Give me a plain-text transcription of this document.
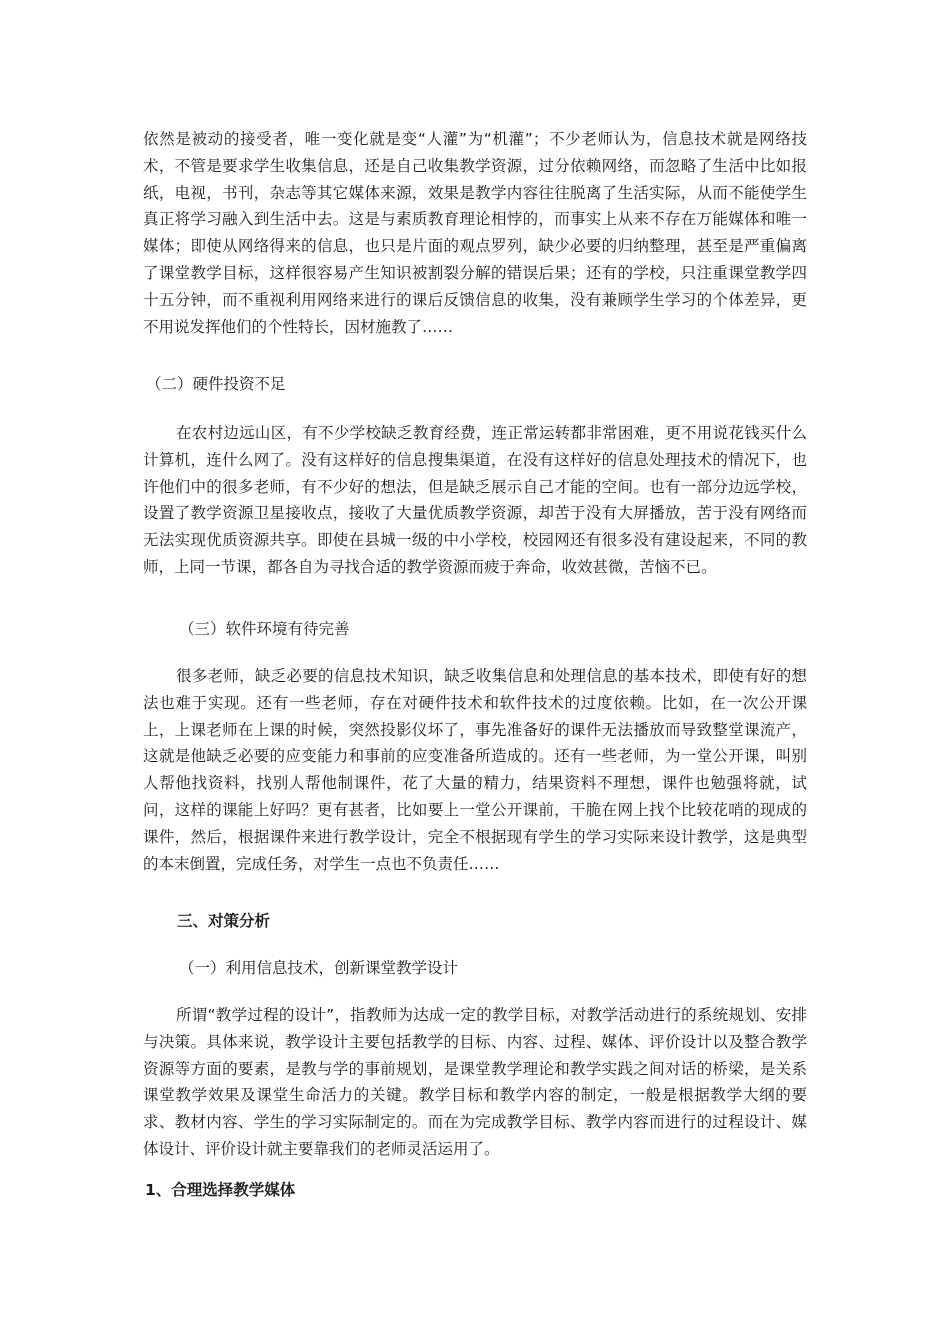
依然是被动的接受者，唯一变化就是变“人灌”为“机灌”；不少老师认为，信息技术就是网络技术，不管是要求学生收集信息，还是自己收集教学资源，过分依赖网络，而忽略了生活中比如报纸，电视，书刊，杂志等其它媒体来源，效果是教学内容往往脱离了生活实际，从而不能使学生真正将学习融入到生活中去。这是与素质教育理论相悖的，而事实上从来不存在万能媒体和唯一媒体；即使从网络得来的信息，也只是片面的观点罗列，缺少必要的归纳整理，甚至是严重偏离了课堂教学目标，这样很容易产生知识被割裂分解的错误后果；还有的学校，只注重课堂教学四十五分钟，而不重视利用网络来进行的课后反馈信息的收集，没有兼顾学生学习的个体差异，更不用说发挥他们的个性特长，因材施教了……

（二）硬件投资不足

在农村边远山区，有不少学校缺乏教育经费，连正常运转都非常困难，更不用说花钱买什么计算机，连什么网了。没有这样好的信息搜集渠道，在没有这样好的信息处理技术的情况下，也许他们中的很多老师，有不少好的想法，但是缺乏展示自己才能的空间。也有一部分边远学校，设置了教学资源卫星接收点，接收了大量优质教学资源，却苦于没有大屏播放，苦于没有网络而无法实现优质资源共享。即使在县城一级的中小学校，校园网还有很多没有建设起来，不同的教师，上同一节课，都各自为寻找合适的教学资源而疲于奔命，收效甚微，苦恼不已。

（三）软件环境有待完善

很多老师，缺乏必要的信息技术知识，缺乏收集信息和处理信息的基本技术，即使有好的想法也难于实现。还有一些老师，存在对硬件技术和软件技术的过度依赖。比如，在一次公开课上，上课老师在上课的时候，突然投影仪坏了，事先准备好的课件无法播放而导致整堂课流产，这就是他缺乏必要的应变能力和事前的应变准备所造成的。还有一些老师，为一堂公开课，叫别人帮他找资料，找别人帮他制课件，花了大量的精力，结果资料不理想，课件也勉强将就，试问，这样的课能上好吗？更有甚者，比如要上一堂公开课前，干脆在网上找个比较花哨的现成的课件，然后，根据课件来进行教学设计，完全不根据现有学生的学习实际来设计教学，这是典型的本末倒置，完成任务，对学生一点也不负责任……

三、对策分析

（一）利用信息技术，创新课堂教学设计

所谓“教学过程的设计”，指教师为达成一定的教学目标，对教学活动进行的系统规划、安排与决策。具体来说，教学设计主要包括教学的目标、内容、过程、媒体、评价设计以及整合教学资源等方面的要素，是教与学的事前规划，是课堂教学理论和教学实践之间对话的桥梁，是关系课堂教学效果及课堂生命活力的关键。教学目标和教学内容的制定，一般是根据教学大纲的要求、教材内容、学生的学习实际制定的。而在为完成教学目标、教学内容而进行的过程设计、媒体设计、评价设计就主要靠我们的老师灵活运用了。

1、合理选择教学媒体
